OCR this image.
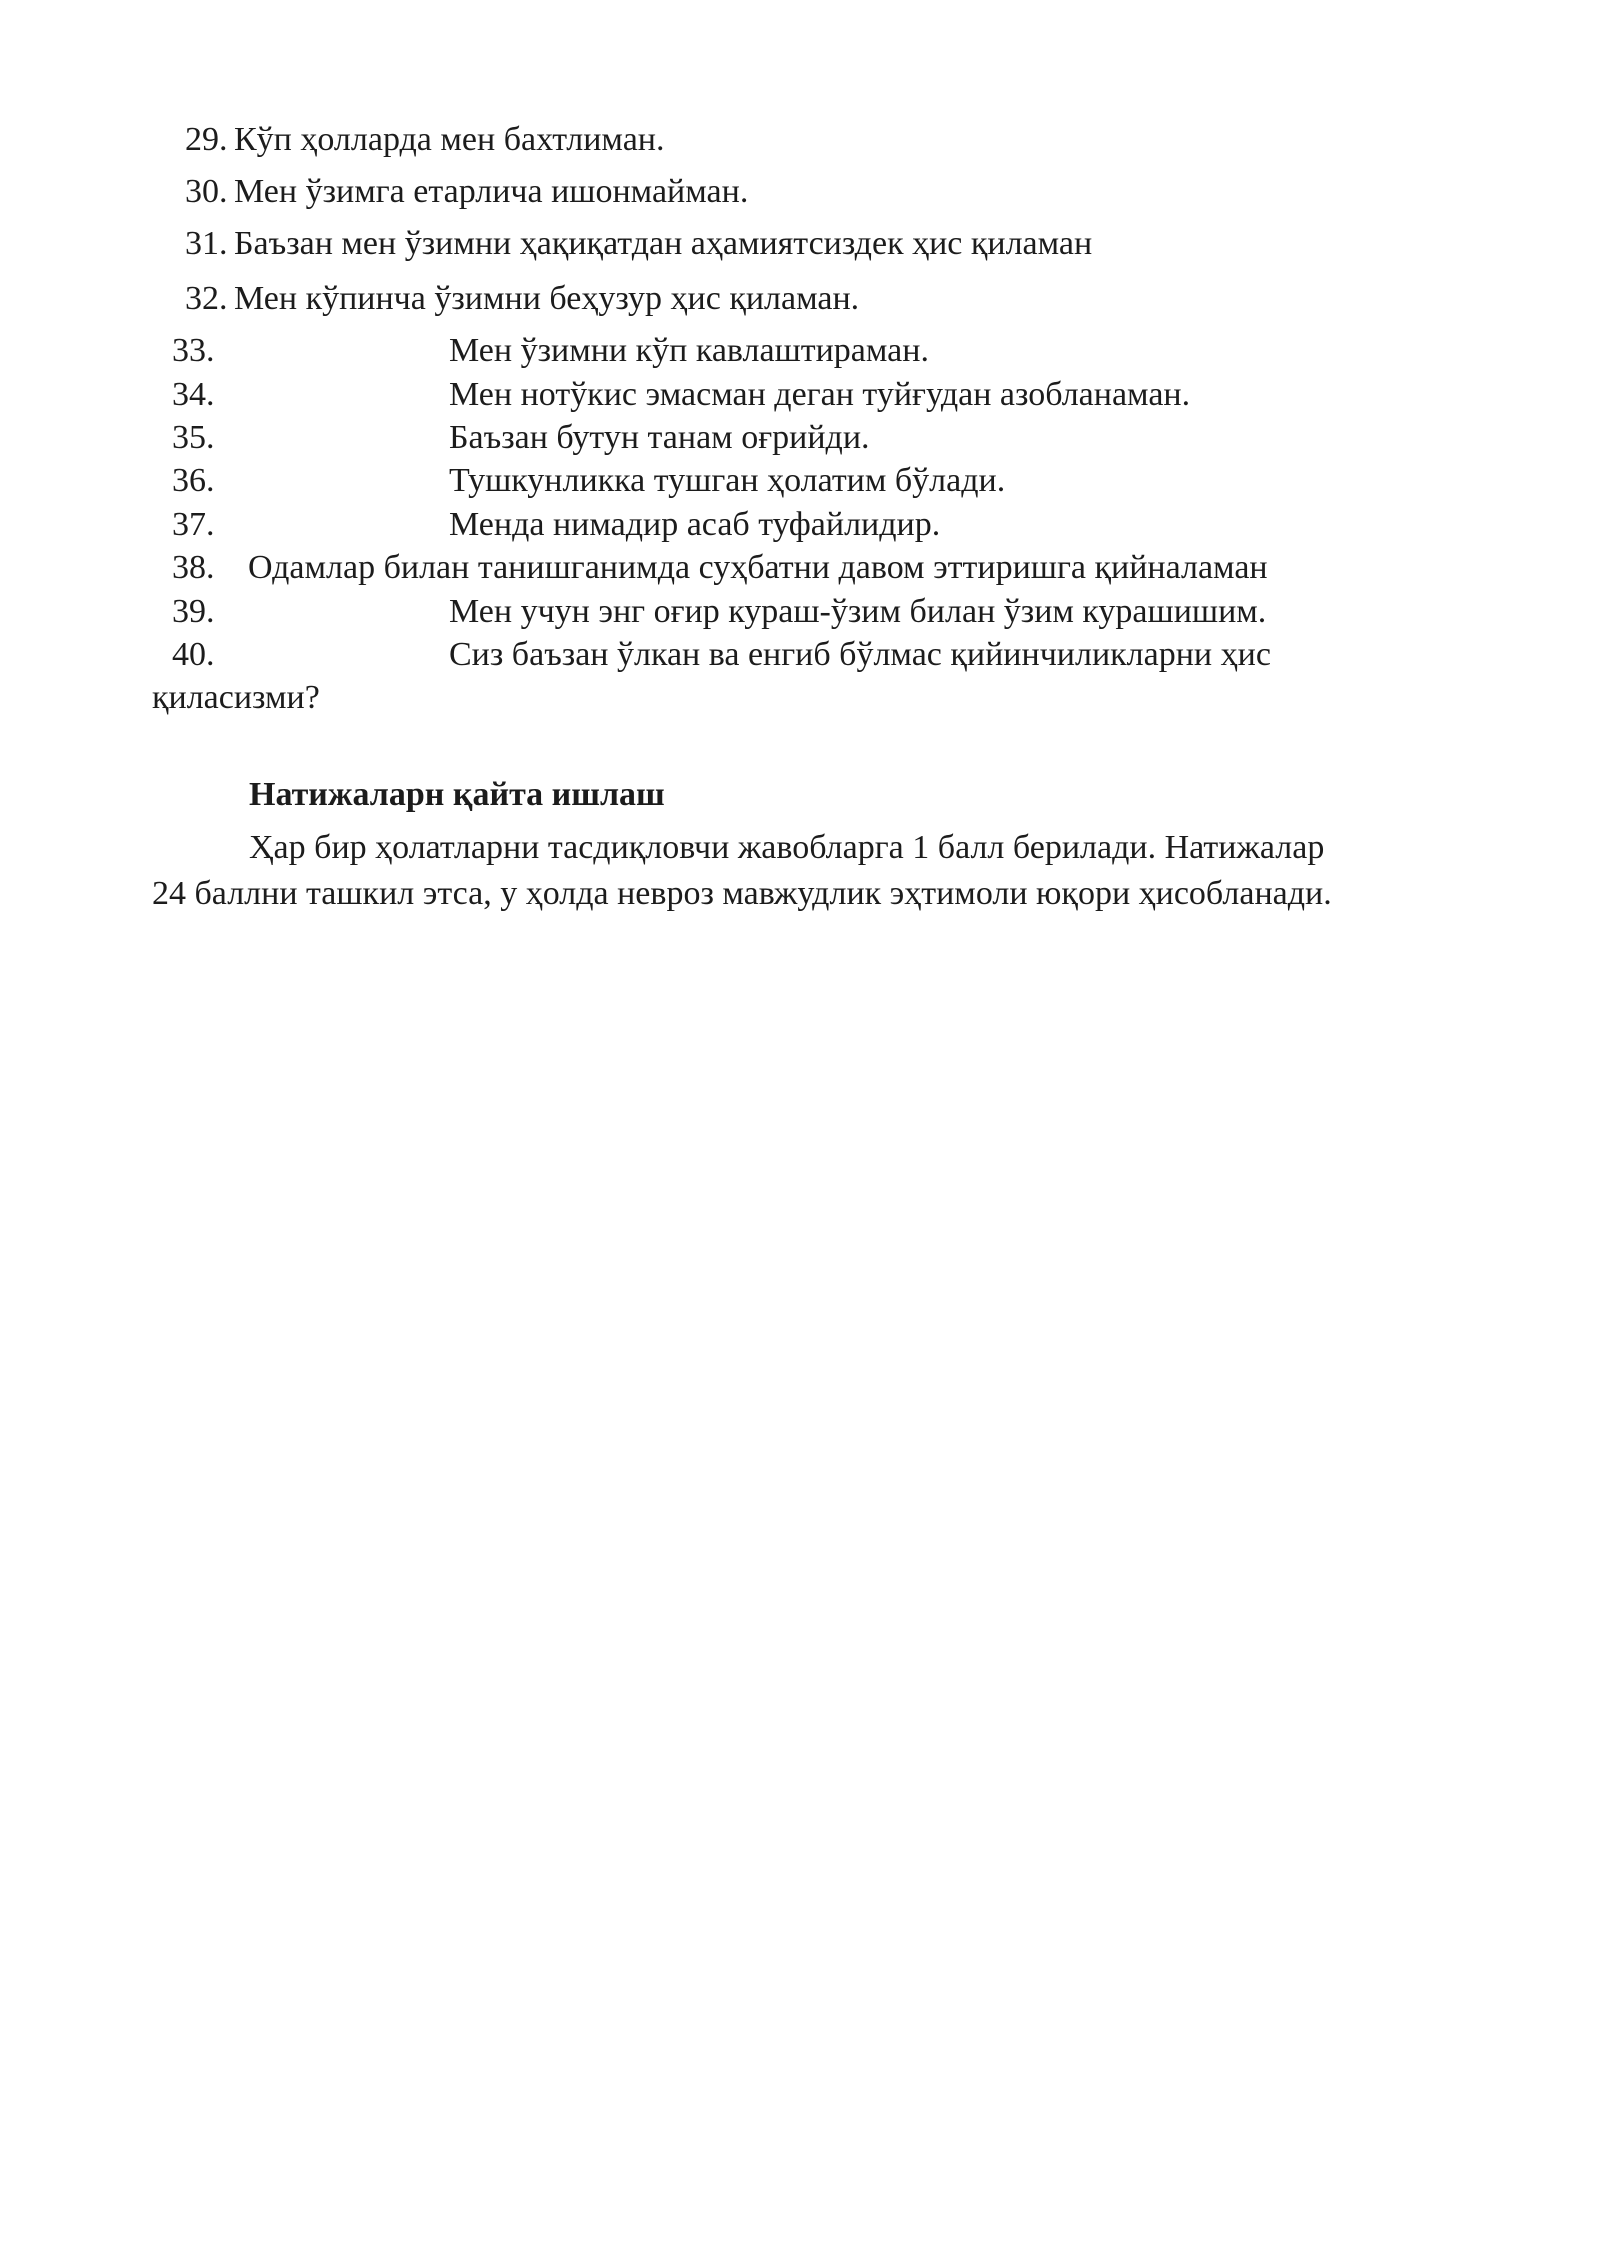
29. Кўп ҳолларда мен бахтлиман.
30. Мен ўзимга етарлича ишонмайман.
31. Баъзан мен ўзимни ҳақиқатдан аҳамиятсиздек ҳис қиламан
32. Мен кўпинча ўзимни беҳузур ҳис қиламан.
33.	Мен ўзимни кўп кавлаштираман.
34.	Мен нотўкис эмасман деган туйғудан азобланаман.
35.	Баъзан бутун танам оғрийди.
36.	Тушкунликка тушган ҳолатим бўлади.
37.	Менда нимадир асаб туфайлидир.
38. Одамлар билан танишганимда суҳбатни давом эттиришга қийналаман
39.	Мен учун энг оғир кураш-ўзим билан ўзим курашишим.
40.	Сиз баъзан ўлкан ва енгиб бўлмас қийинчиликларни ҳис
қиласизми?
Натижаларн қайта ишлаш
Ҳар бир ҳолатларни тасдиқловчи жавобларга 1 балл берилади. Натижалар
24 баллни ташкил этса, у ҳолда невроз мавжудлик эҳтимоли юқори ҳисобланади.
